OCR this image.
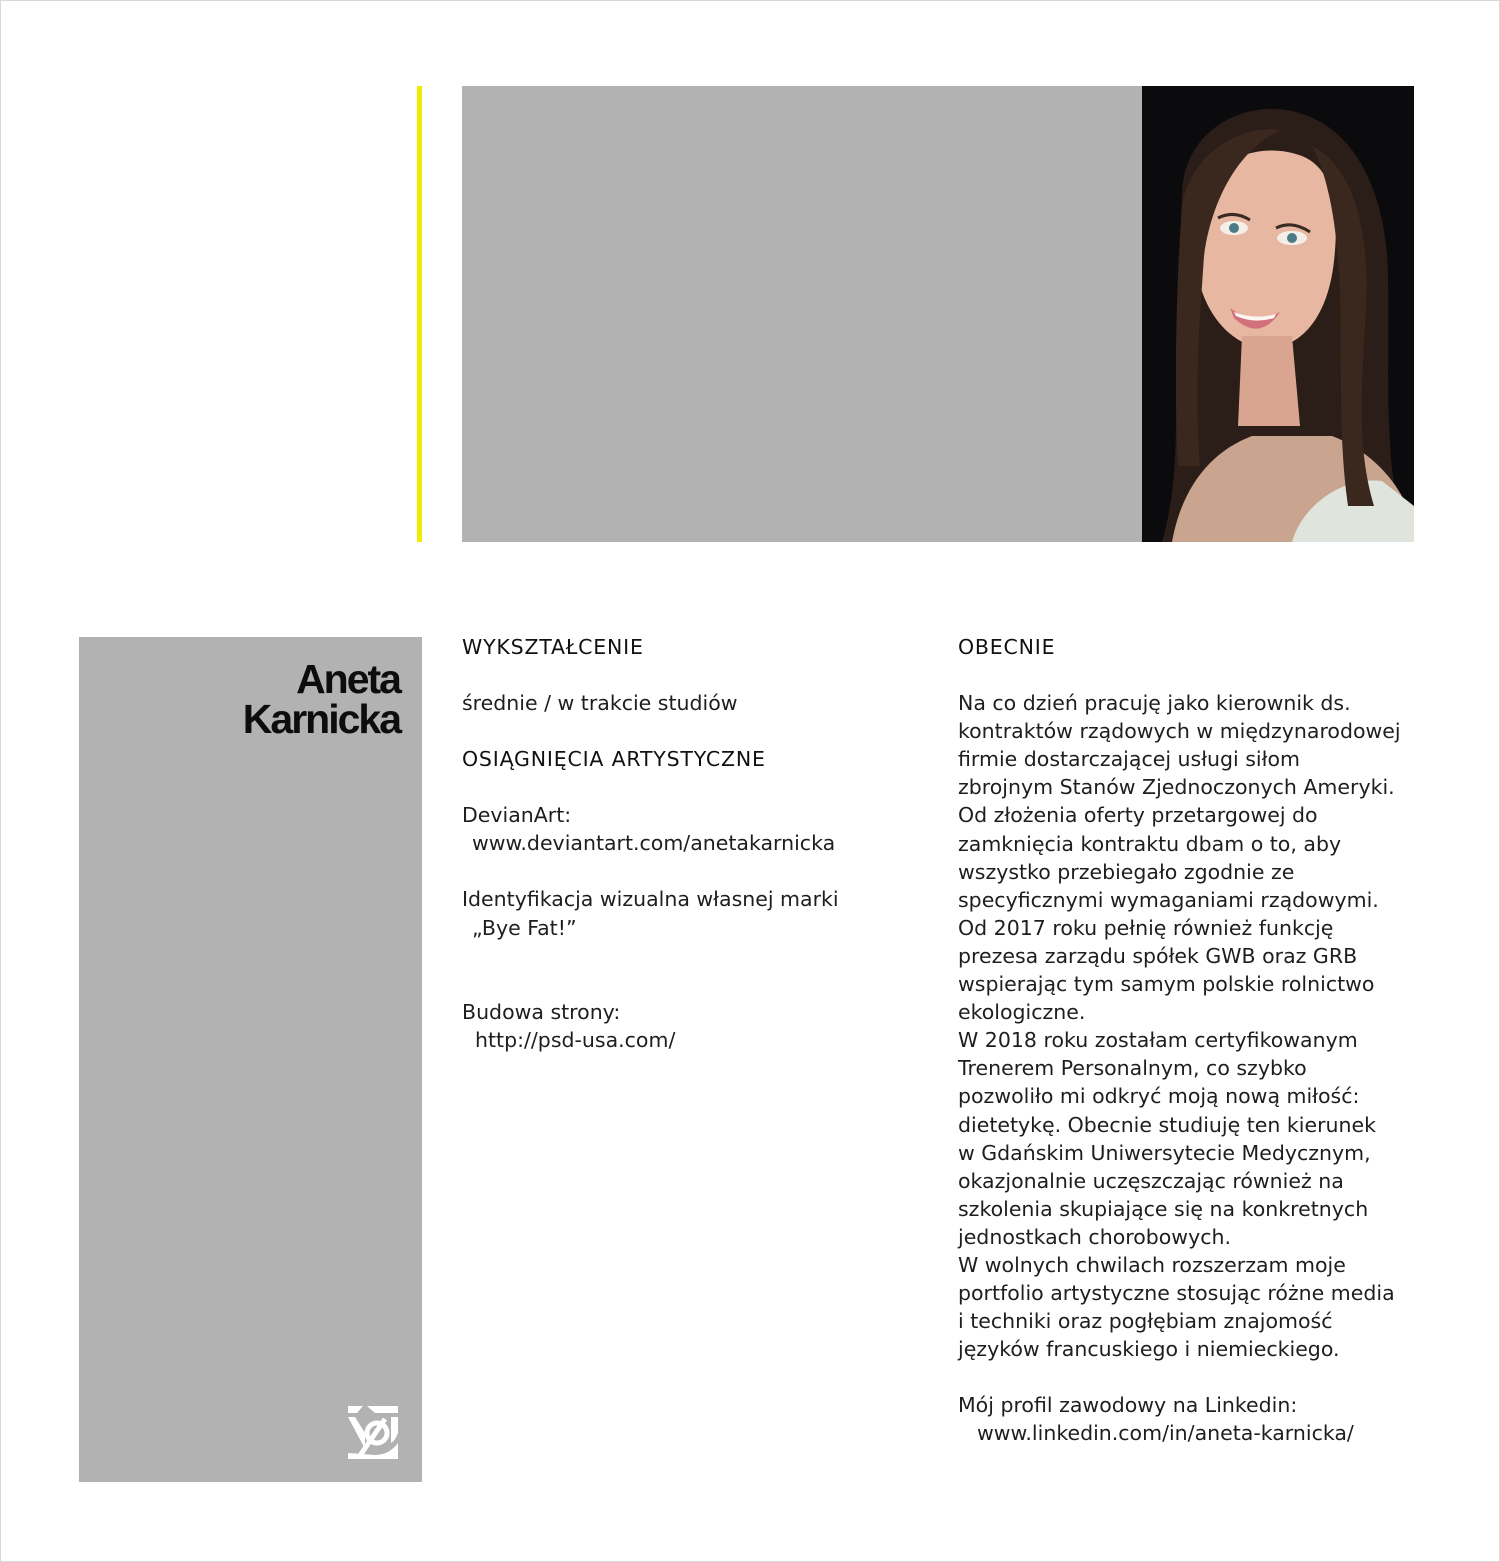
Aneta
Karnicka
WYKSZTAŁCENIE
średnie / w trakcie studiów
OSIĄGNIĘCIA ARTYSTYCZNE
DevianArt:
www.deviantart.com/anetakarnicka
Identyfikacja wizualna własnej marki
„Bye Fat!”
Budowa strony:
http://psd-usa.com/
OBECNIE
Na co dzień pracuję jako kierownik ds.
kontraktów rządowych w międzynarodowej
firmie dostarczającej usługi siłom
zbrojnym Stanów Zjednoczonych Ameryki.
Od złożenia oferty przetargowej do
zamknięcia kontraktu dbam o to, aby
wszystko przebiegało zgodnie ze
specyficznymi wymaganiami rządowymi.
Od 2017 roku pełnię również funkcję
prezesa zarządu spółek GWB oraz GRB
wspierając tym samym polskie rolnictwo
ekologiczne.
W 2018 roku zostałam certyfikowanym
Trenerem Personalnym, co szybko
pozwoliło mi odkryć moją nową miłość:
dietetykę. Obecnie studiuję ten kierunek
w Gdańskim Uniwersytecie Medycznym,
okazjonalnie uczęszczając również na
szkolenia skupiające się na konkretnych
jednostkach chorobowych.
W wolnych chwilach rozszerzam moje
portfolio artystyczne stosując różne media
i techniki oraz pogłębiam znajomość
języków francuskiego i niemieckiego.
Mój profil zawodowy na Linkedin:
www.linkedin.com/in/aneta-karnicka/
